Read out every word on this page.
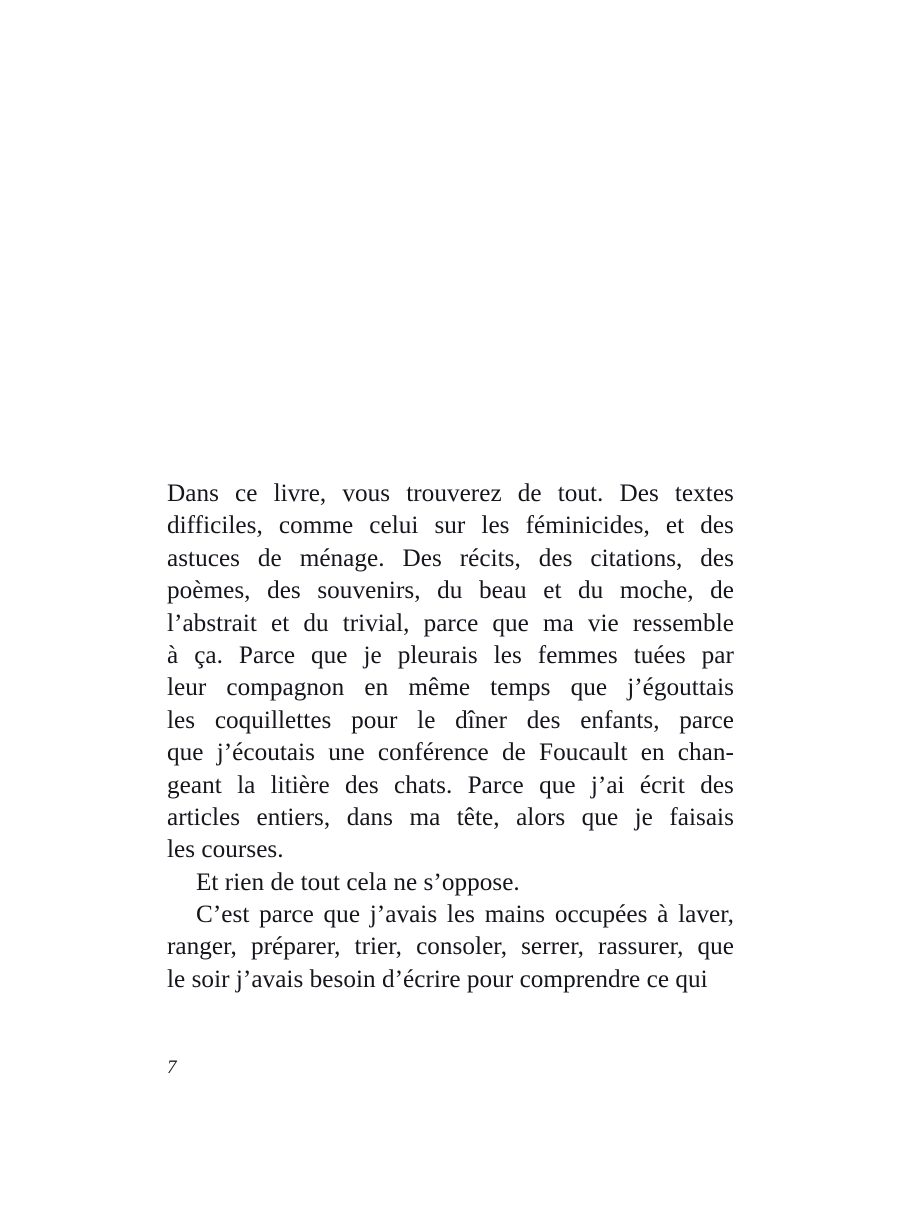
Dans ce livre, vous trouverez de tout. Des textes
difficiles, comme celui sur les féminicides, et des
astuces de ménage. Des récits, des citations, des
poèmes, des souvenirs, du beau et du moche, de
l’abstrait et du trivial, parce que ma vie ressemble
à ça. Parce que je pleurais les femmes tuées par
leur compagnon en même temps que j’égouttais
les coquillettes pour le dîner des enfants, parce
que j’écoutais une conférence de Foucault en chan-
geant la litière des chats. Parce que j’ai écrit des
articles entiers, dans ma tête, alors que je faisais
les courses.
Et rien de tout cela ne s’oppose.
C’est parce que j’avais les mains occupées à laver,
ranger, préparer, trier, consoler, serrer, rassurer, que
le soir j’avais besoin d’écrire pour comprendre ce qui
7
